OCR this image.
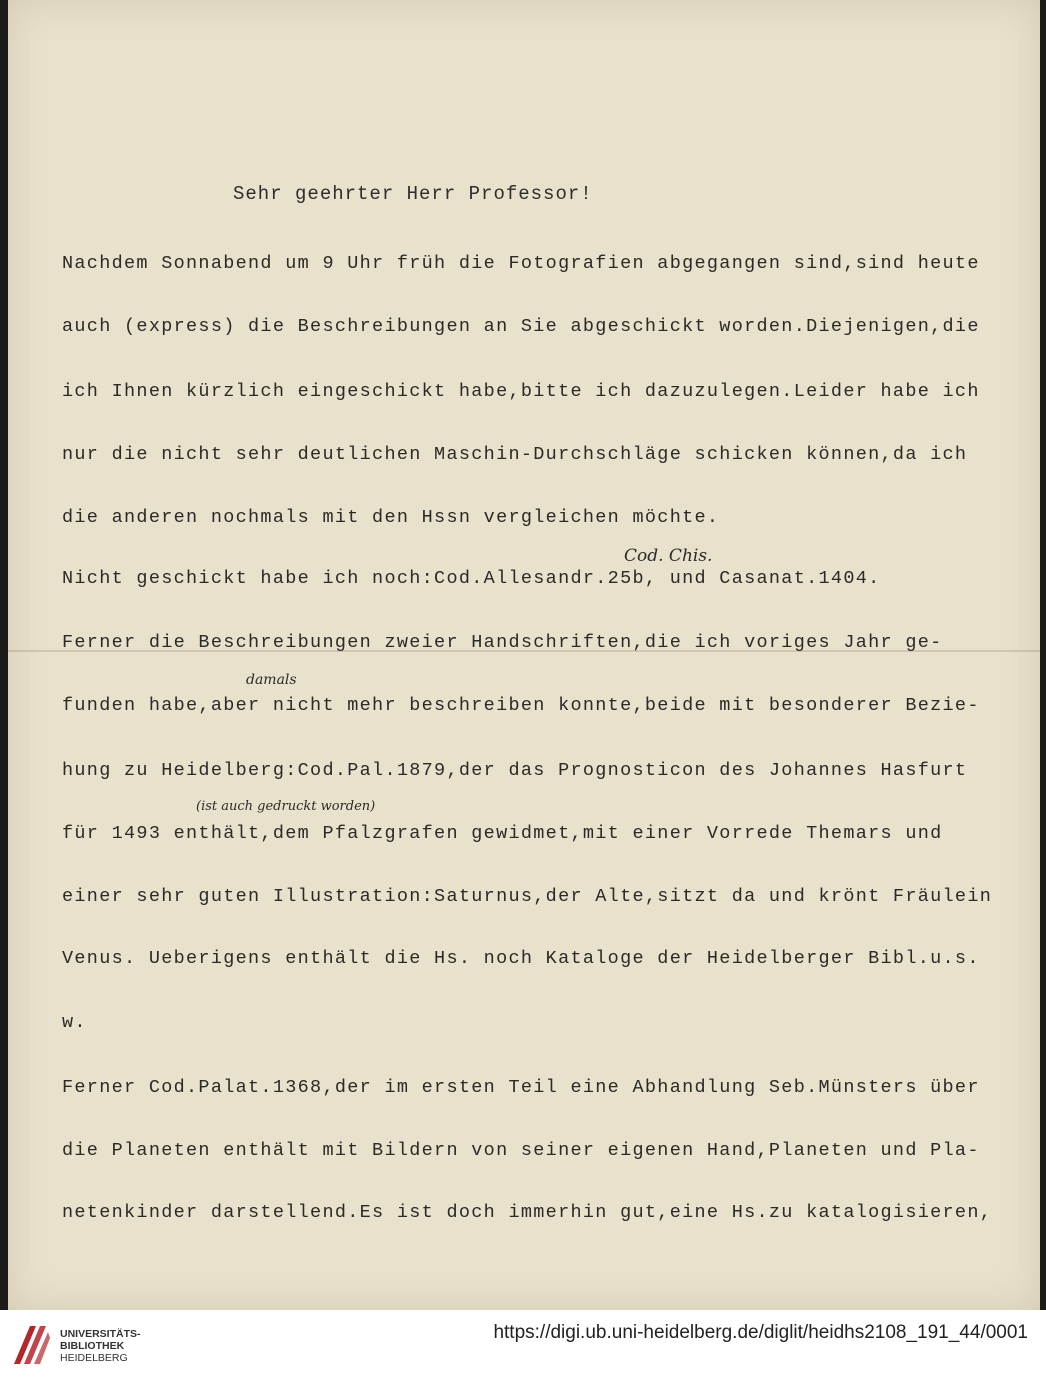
Sehr geehrter Herr Professor!
Nachdem Sonnabend um 9 Uhr früh die Fotografien abgegangen sind,sind heute
auch (express) die Beschreibungen an Sie abgeschickt worden.Diejenigen,die
ich Ihnen kürzlich eingeschickt habe,bitte ich dazuzulegen.Leider habe ich
nur die nicht sehr deutlichen Maschin-Durchschläge schicken können,da ich
die anderen nochmals mit den Hssn vergleichen möchte.
Nicht geschickt habe ich noch:Cod.Allesandr.25b, und Casanat.1404.
Ferner die Beschreibungen zweier Handschriften,die ich voriges Jahr ge-
funden habe,aber nicht mehr beschreiben konnte,beide mit besonderer Bezie-
hung zu Heidelberg:Cod.Pal.1879,der das Prognosticon des Johannes Hasfurt
für 1493 enthält,dem Pfalzgrafen gewidmet,mit einer Vorrede Themars und
einer sehr guten Illustration:Saturnus,der Alte,sitzt da und krönt Fräulein
Venus. Ueberigens enthält die Hs. noch Kataloge der Heidelberger Bibl.u.s.
w.
Ferner Cod.Palat.1368,der im ersten Teil eine Abhandlung Seb.Münsters über
die Planeten enthält mit Bildern von seiner eigenen Hand,Planeten und Pla-
netenkinder darstellend.Es ist doch immerhin gut,eine Hs.zu katalogisieren,
Cod. Chis.
damals
(ist auch gedruckt worden)
UNIVERSITÄTS-
BIBLIOTHEK
HEIDELBERG
https://digi.ub.uni-heidelberg.de/diglit/heidhs2108_191_44/0001
